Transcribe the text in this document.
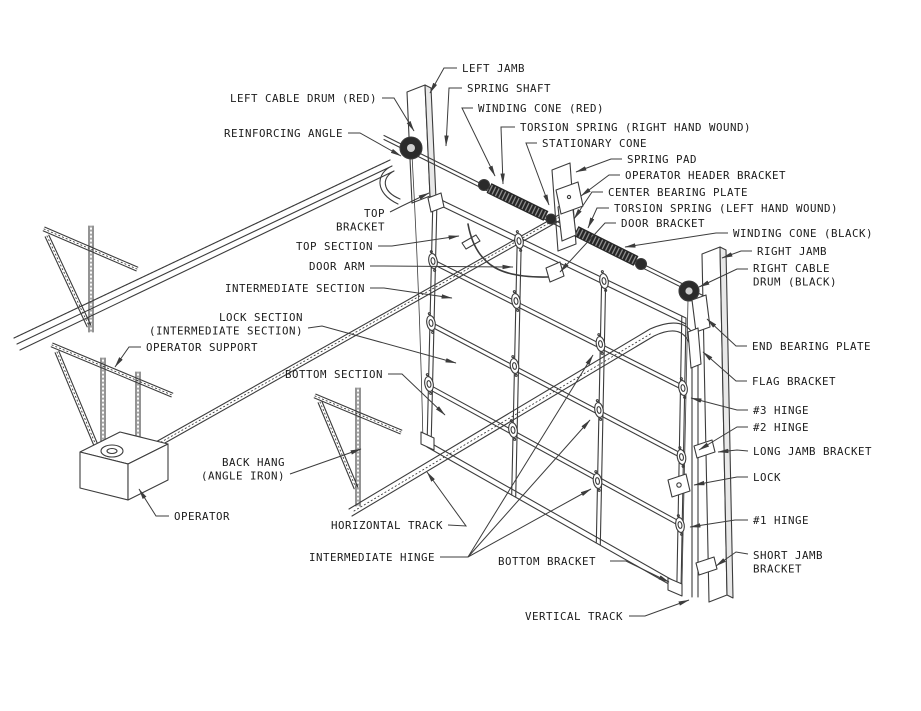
LEFT JAMB
SPRING SHAFT
WINDING CONE (RED)
TORSION SPRING (RIGHT HAND WOUND)
STATIONARY CONE
SPRING PAD
OPERATOR HEADER BRACKET
CENTER BEARING PLATE
TORSION SPRING (LEFT HAND WOUND)
DOOR BRACKET
WINDING CONE (BLACK)
RIGHT JAMB
RIGHT CABLE
DRUM (BLACK)
END BEARING PLATE
FLAG BRACKET
#3 HINGE
#2 HINGE
LONG JAMB BRACKET
LOCK
#1 HINGE
SHORT JAMB
BRACKET
BOTTOM BRACKET
VERTICAL TRACK
INTERMEDIATE HINGE
HORIZONTAL TRACK
BACK HANG
(ANGLE IRON)
OPERATOR
OPERATOR SUPPORT
REINFORCING ANGLE
LEFT CABLE DRUM (RED)
TOP
BRACKET
TOP SECTION
DOOR ARM
INTERMEDIATE SECTION
LOCK SECTION
(INTERMEDIATE SECTION)
BOTTOM SECTION
